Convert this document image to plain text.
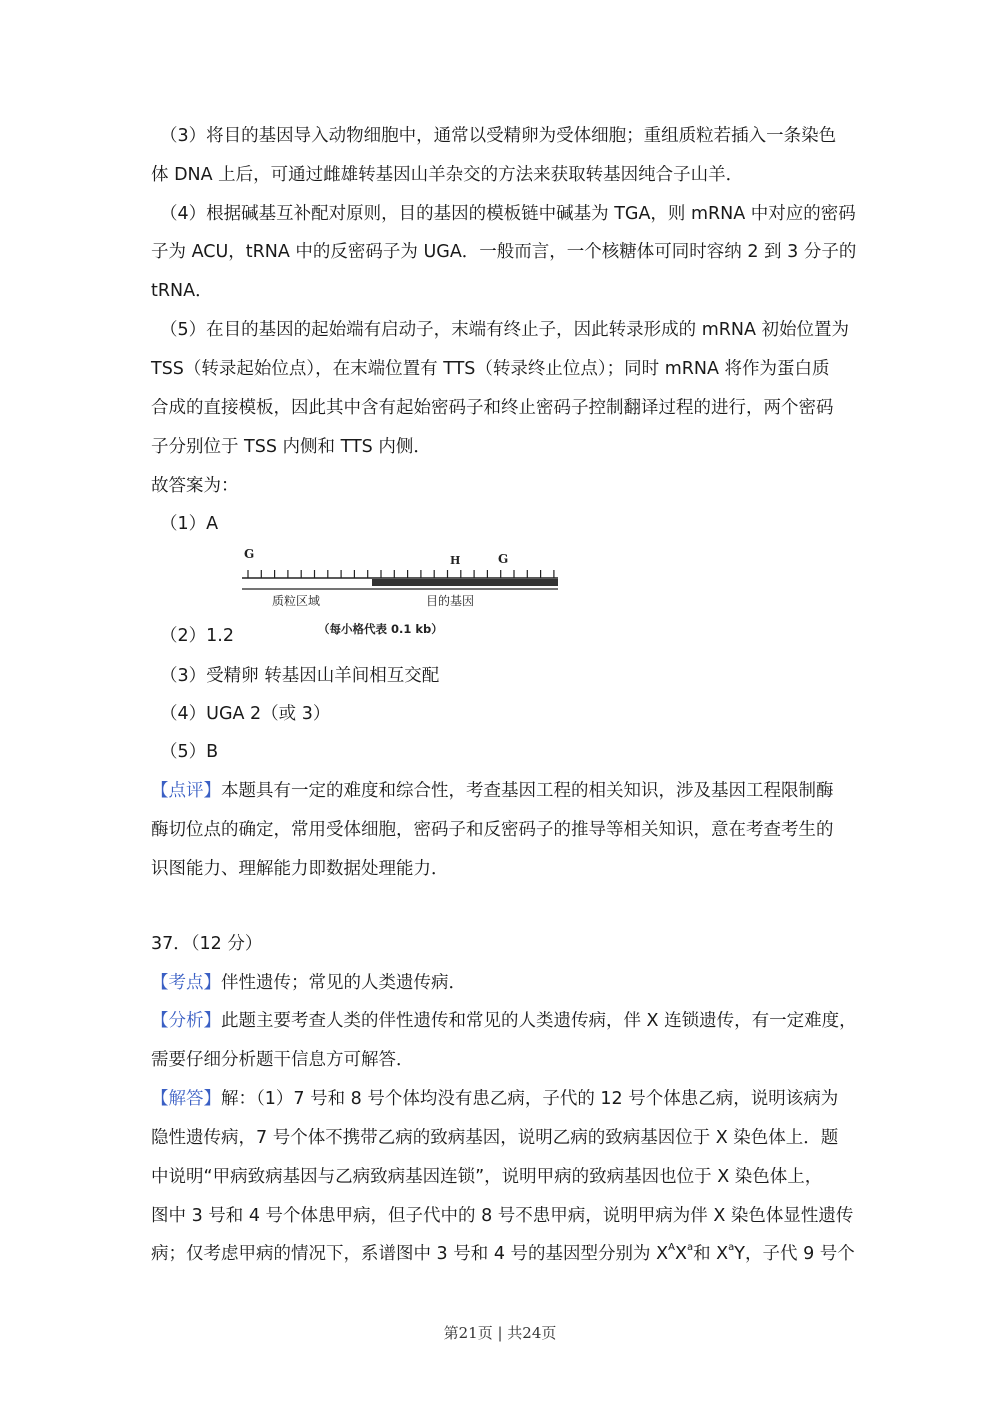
（3）将目的基因导入动物细胞中，通常以受精卵为受体细胞；重组质粒若插入一条染色
体 DNA 上后，可通过雌雄转基因山羊杂交的方法来获取转基因纯合子山羊．
（4）根据碱基互补配对原则，目的基因的模板链中碱基为 TGA，则 mRNA 中对应的密码
子为 ACU，tRNA 中的反密码子为 UGA．一般而言，一个核糖体可同时容纳 2 到 3 分子的
tRNA．
（5）在目的基因的起始端有启动子，末端有终止子，因此转录形成的 mRNA 初始位置为
TSS（转录起始位点），在末端位置有 TTS（转录终止位点）；同时 mRNA 将作为蛋白质
合成的直接模板，因此其中含有起始密码子和终止密码子控制翻译过程的进行，两个密码
子分别位于 TSS 内侧和 TTS 内侧．
故答案为：
（1）A
G	H	G
质粒区域	目的基因
（每小格代表 0.1 kb）
（2）1.2
（3）受精卵 转基因山羊间相互交配
（4）UGA 2（或 3）
（5）B
【点评】本题具有一定的难度和综合性，考查基因工程的相关知识，涉及基因工程限制酶
酶切位点的确定，常用受体细胞，密码子和反密码子的推导等相关知识，意在考查考生的
识图能力、理解能力即数据处理能力．
37．（12 分）
【考点】伴性遗传；常见的人类遗传病．
【分析】此题主要考查人类的伴性遗传和常见的人类遗传病，伴 X 连锁遗传，有一定难度，
需要仔细分析题干信息方可解答．
【解答】解：（1）7 号和 8 号个体均没有患乙病，子代的 12 号个体患乙病，说明该病为
隐性遗传病，7 号个体不携带乙病的致病基因，说明乙病的致病基因位于 X 染色体上．题
中说明“甲病致病基因与乙病致病基因连锁”，说明甲病的致病基因也位于 X 染色体上，
图中 3 号和 4 号个体患甲病，但子代中的 8 号不患甲病，说明甲病为伴 X 染色体显性遗传
病；仅考虑甲病的情况下，系谱图中 3 号和 4 号的基因型分别为 $X^AX^a$和 $X^aY$，子代 9 号个
第21页 | 共24页
